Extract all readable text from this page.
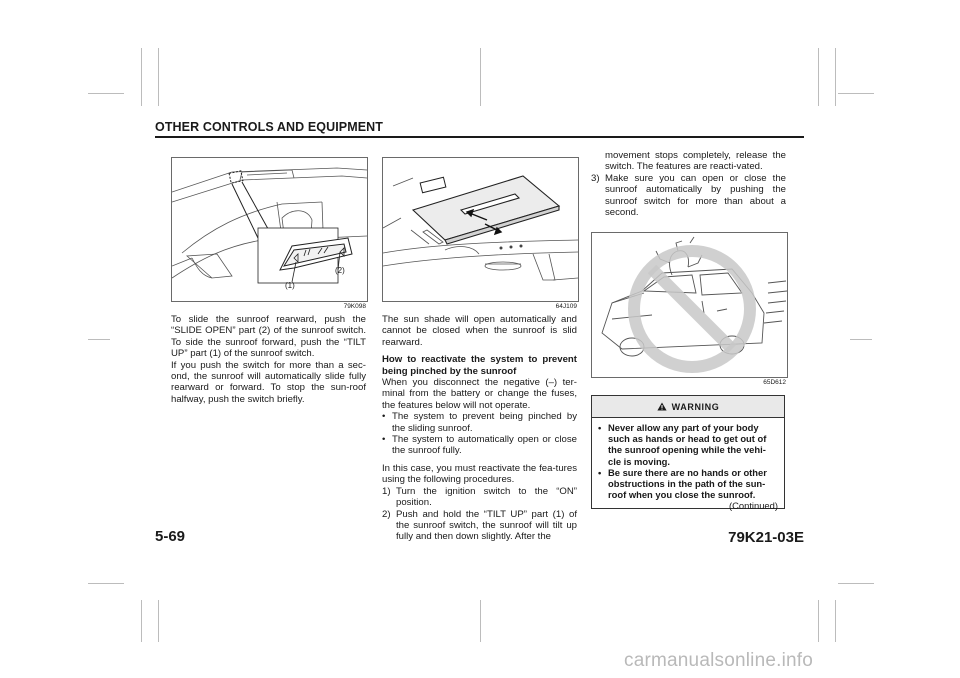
OTHER CONTROLS AND EQUIPMENT
(1)
(2)
79K098

To slide the sunroof rearward, push the “SLIDE OPEN” part (2) of the sunroof switch. To side the sunroof forward, push the “TILT UP” part (1) of the sunroof switch.

If you push the switch for more than a sec-ond, the sunroof will automatically slide fully rearward or forward. To stop the sun-roof halfway, push the switch briefly.

64J109

The sun shade will open automatically and cannot be closed when the sunroof is slid rearward.

How to reactivate the system to prevent being pinched by the sunroof

When you disconnect the negative (–) ter-minal from the battery or change the fuses, the features below will not operate.

• The system to prevent being pinched by the sliding sunroof.
• The system to automatically open or close the sunroof fully.

In this case, you must reactivate the fea-tures using the following procedures.

1) Turn the ignition switch to the “ON” position.
2) Push and hold the “TILT UP” part (1) of the sunroof switch, the sunroof will tilt up fully and then down slightly. After the
movement stops completely, release the switch. The features are reacti-vated.
3) Make sure you can open or close the sunroof automatically by pushing the sunroof switch for more than about a second.
65D612
WARNING
• Never allow any part of your body such as hands or head to get out of the sunroof opening while the vehi-cle is moving.
• Be sure there are no hands or other obstructions in the path of the sun-roof when you close the sunroof.
(Continued)
5-69	79K21-03E
carmanualsonline.info
